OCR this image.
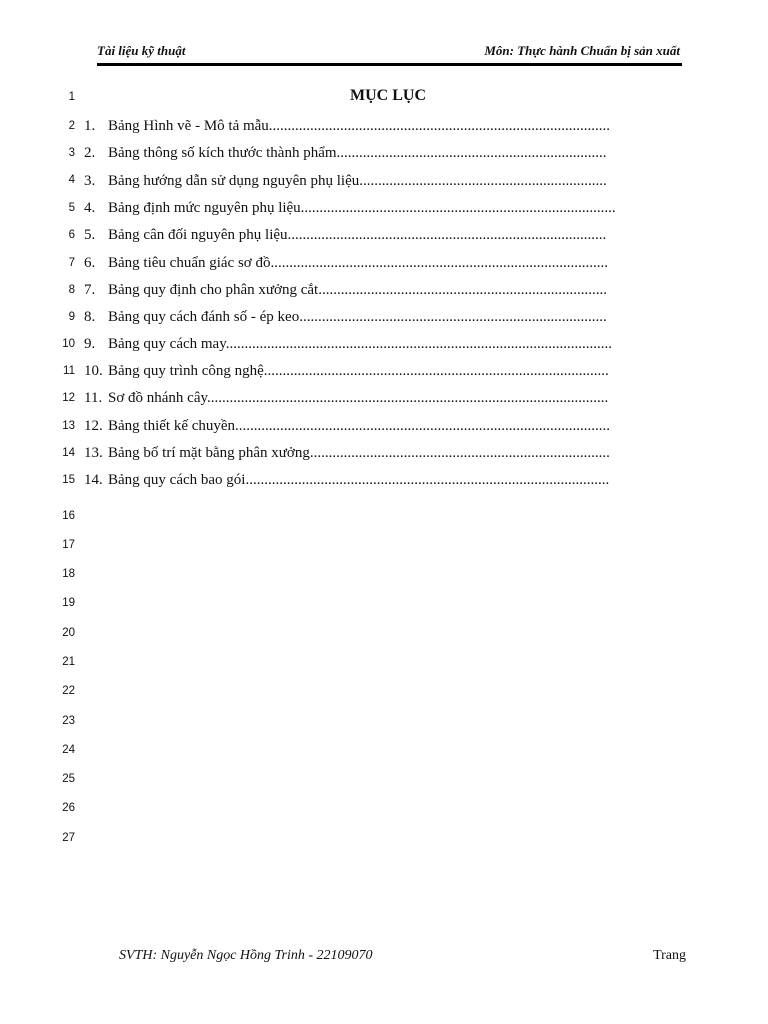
Tài liệu kỹ thuật	Môn: Thực hành Chuẩn bị sản xuất
1
2
3
4
5
6
7
8
9
10
11
12
13
14
15
16
17
18
19
20
21
22
23
24
25
26
27
MỤC LỤC
1. Bảng Hình vẽ - Mô tả mẫu...........................................................................................
2. Bảng thông số kích thước thành phẩm........................................................................
3. Bảng hướng dẫn sử dụng nguyên phụ liệu..................................................................
4. Bảng định mức nguyên phụ liệu....................................................................................
5. Bảng cân đối nguyên phụ liệu.....................................................................................
6. Bảng tiêu chuẩn giác sơ đồ..........................................................................................
7. Bảng quy định cho phân xưởng cắt.............................................................................
8. Bảng quy cách đánh số - ép keo..................................................................................
9. Bảng quy cách may.......................................................................................................
10. Bảng quy trình công nghệ............................................................................................
11. Sơ đồ nhánh cây...........................................................................................................
12. Bảng thiết kế chuyền....................................................................................................
13. Bảng bố trí mặt bằng phân xưởng................................................................................
14. Bảng quy cách bao gói.................................................................................................
SVTH: Nguyễn Ngọc Hồng Trinh - 22109070	Trang
